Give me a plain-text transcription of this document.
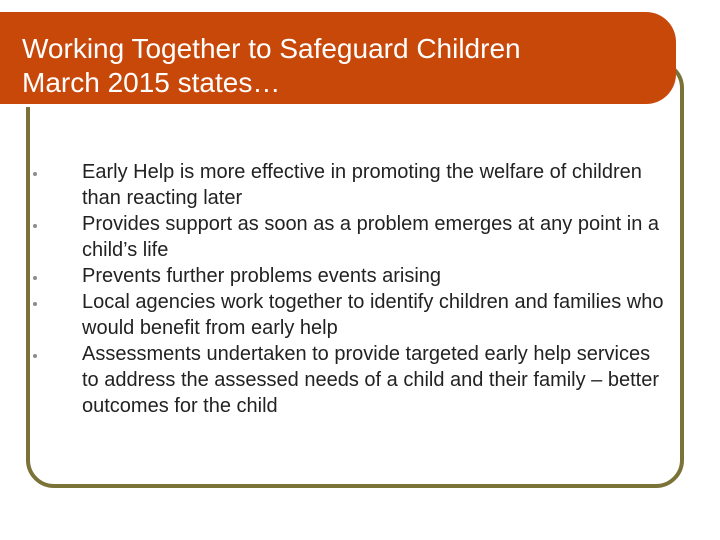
Working Together to Safeguard Children
March 2015 states…
Early Help is more effective in promoting the welfare of children than reacting later
Provides support as soon as a problem emerges at any point in a child’s life
Prevents further problems events arising
Local agencies work together to identify children and families who would benefit from early help
Assessments undertaken to provide targeted early help services to address the assessed needs of a child and their family – better outcomes for the child
